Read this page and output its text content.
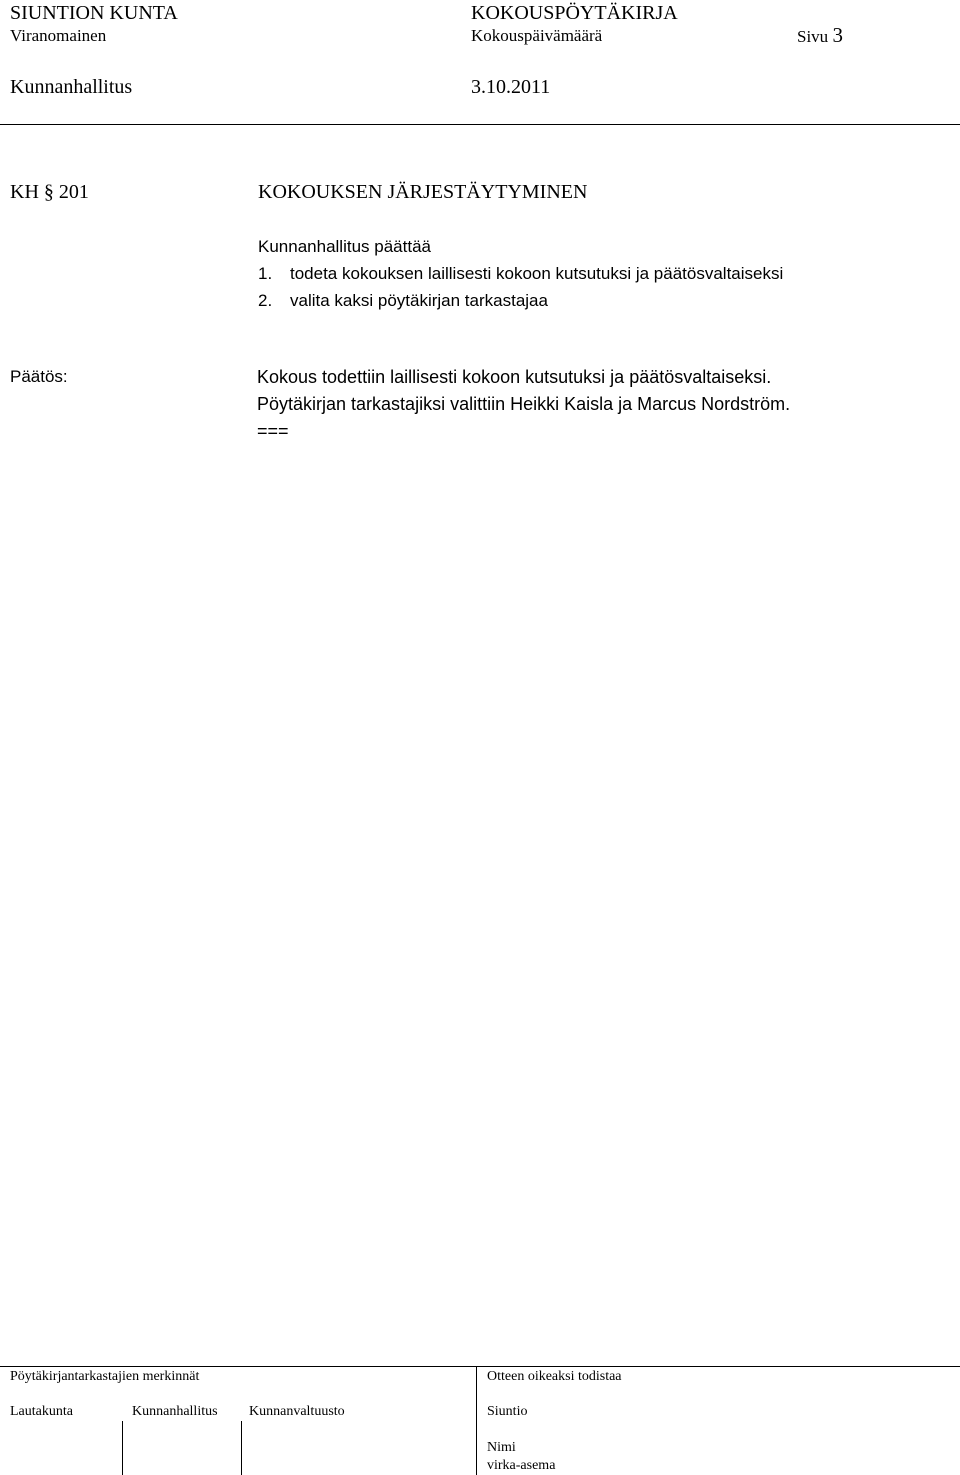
SIUNTION KUNTA	KOKOUSPÖYTÄKIRJA
Viranomainen	Kokouspäivämäärä	Sivu 3
Kunnanhallitus	3.10.2011
KH § 201	KOKOUKSEN JÄRJESTÄYTYMINEN
Kunnanhallitus päättää
1. todeta kokouksen laillisesti kokoon kutsutuksi ja päätösvaltaiseksi
2. valita kaksi pöytäkirjan tarkastajaa
Päätös:	Kokous todettiin laillisesti kokoon kutsutuksi ja päätösvaltaiseksi.
Pöytäkirjan tarkastajiksi valittiin Heikki Kaisla ja Marcus Nordström.
===
Pöytäkirjantarkastajien merkinnät	Otteen oikeaksi todistaa
Lautakunta	Kunnanhallitus Kunnanvaltuusto	Siuntio
Nimi
virka-asema
